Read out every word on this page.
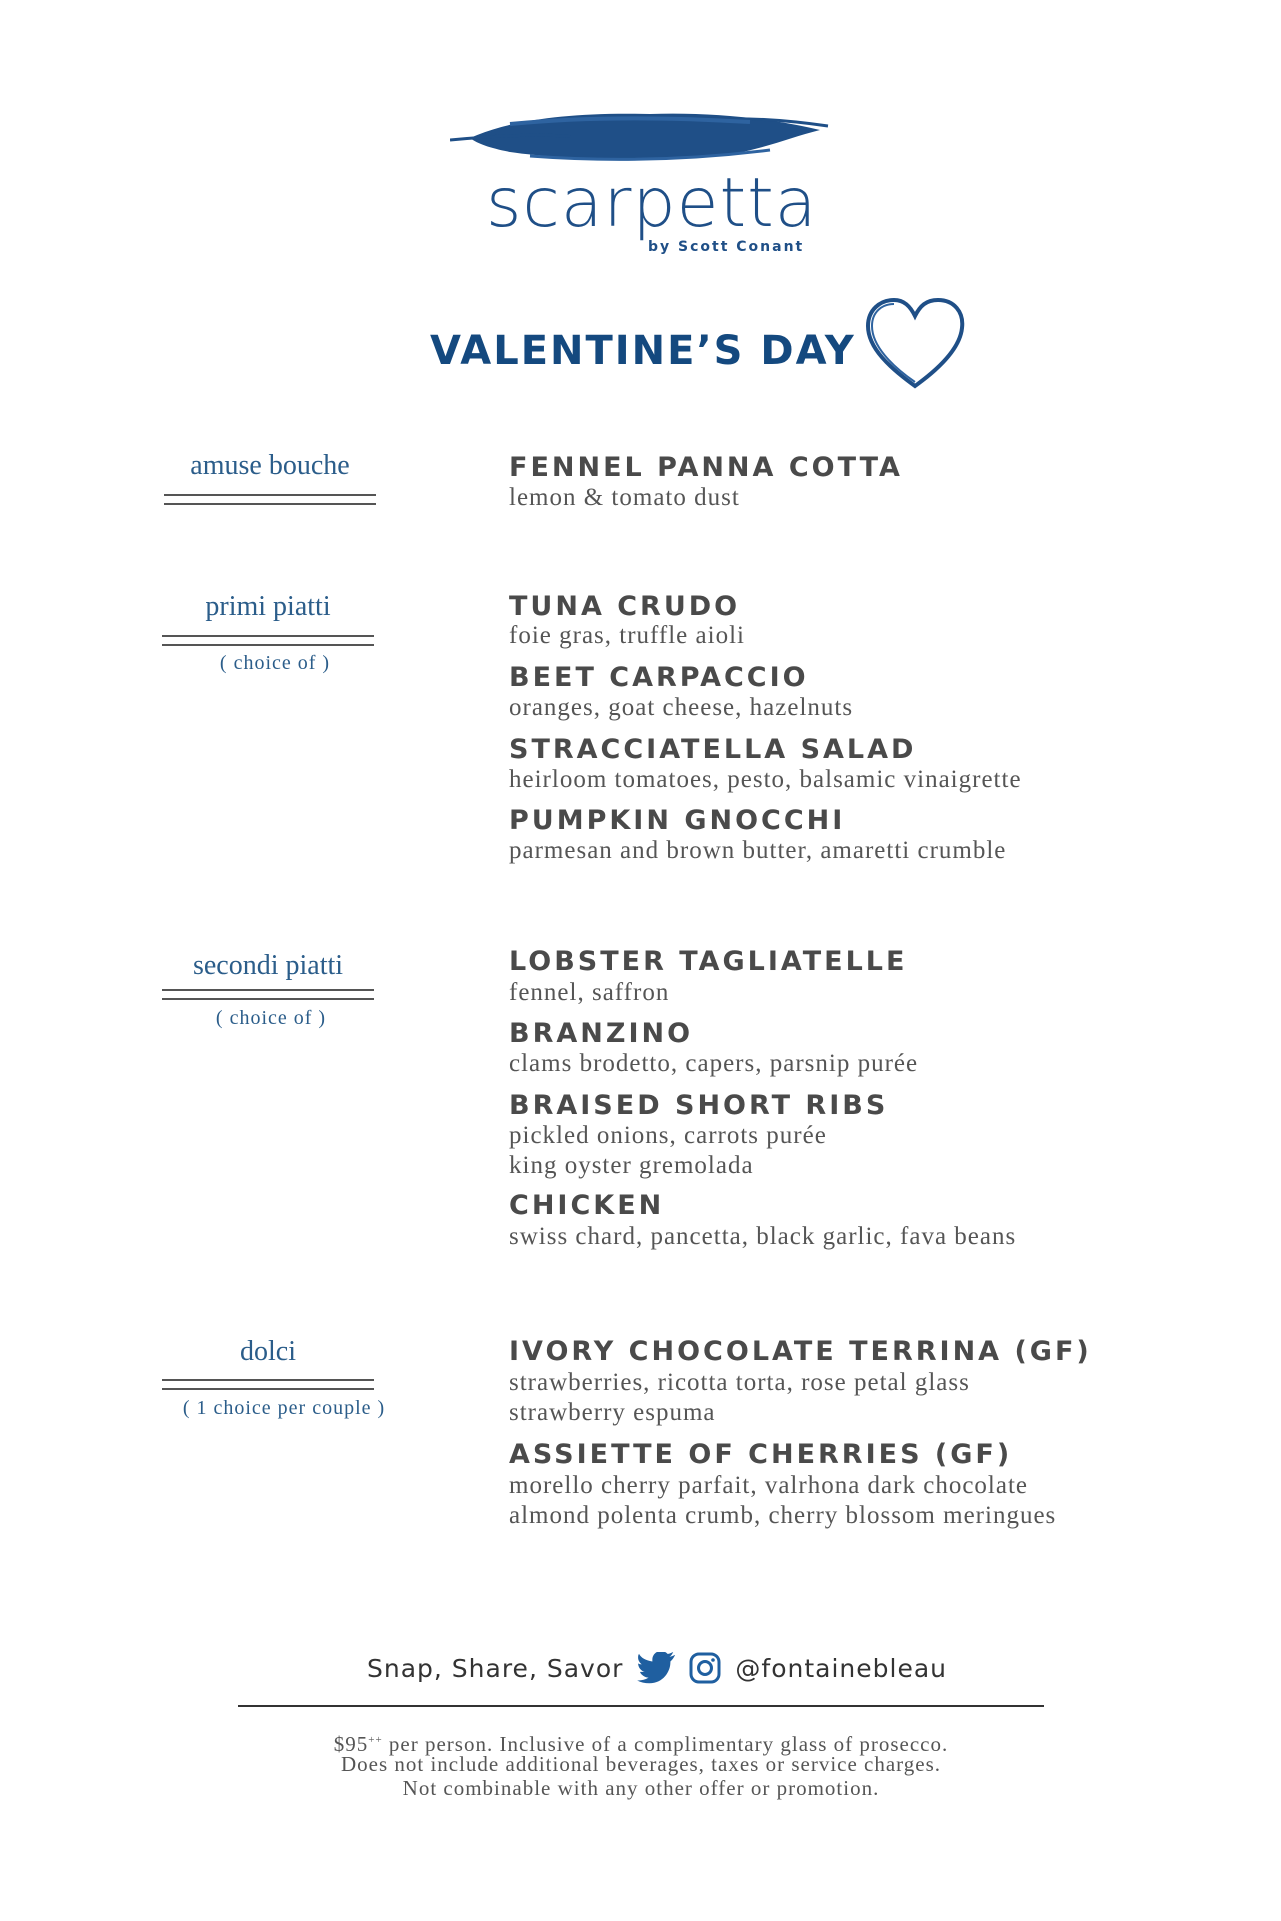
scarpetta
by Scott Conant
VALENTINE’S DAY
amuse bouche	FENNEL PANNA COTTA
lemon & tomato dust
primi piatti
( choice of )
TUNA CRUDO
foie gras, truffle aioli
BEET CARPACCIO
oranges, goat cheese, hazelnuts
STRACCIATELLA SALAD
heirloom tomatoes, pesto, balsamic vinaigrette
PUMPKIN GNOCCHI
parmesan and brown butter, amaretti crumble
secondi piatti
( choice of )
LOBSTER TAGLIATELLE
fennel, saffron
BRANZINO
clams brodetto, capers, parsnip purée
BRAISED SHORT RIBS
pickled onions, carrots purée
king oyster gremolada
CHICKEN
swiss chard, pancetta, black garlic, fava beans
dolci
( 1 choice per couple )
IVORY CHOCOLATE TERRINA (GF)
strawberries, ricotta torta, rose petal glass
strawberry espuma
ASSIETTE OF CHERRIES (GF)
morello cherry parfait, valrhona dark chocolate
almond polenta crumb, cherry blossom meringues
Snap, Share, Savor	@fontainebleau
$95++ per person. Inclusive of a complimentary glass of prosecco.
Does not include additional beverages, taxes or service charges.
Not combinable with any other offer or promotion.
